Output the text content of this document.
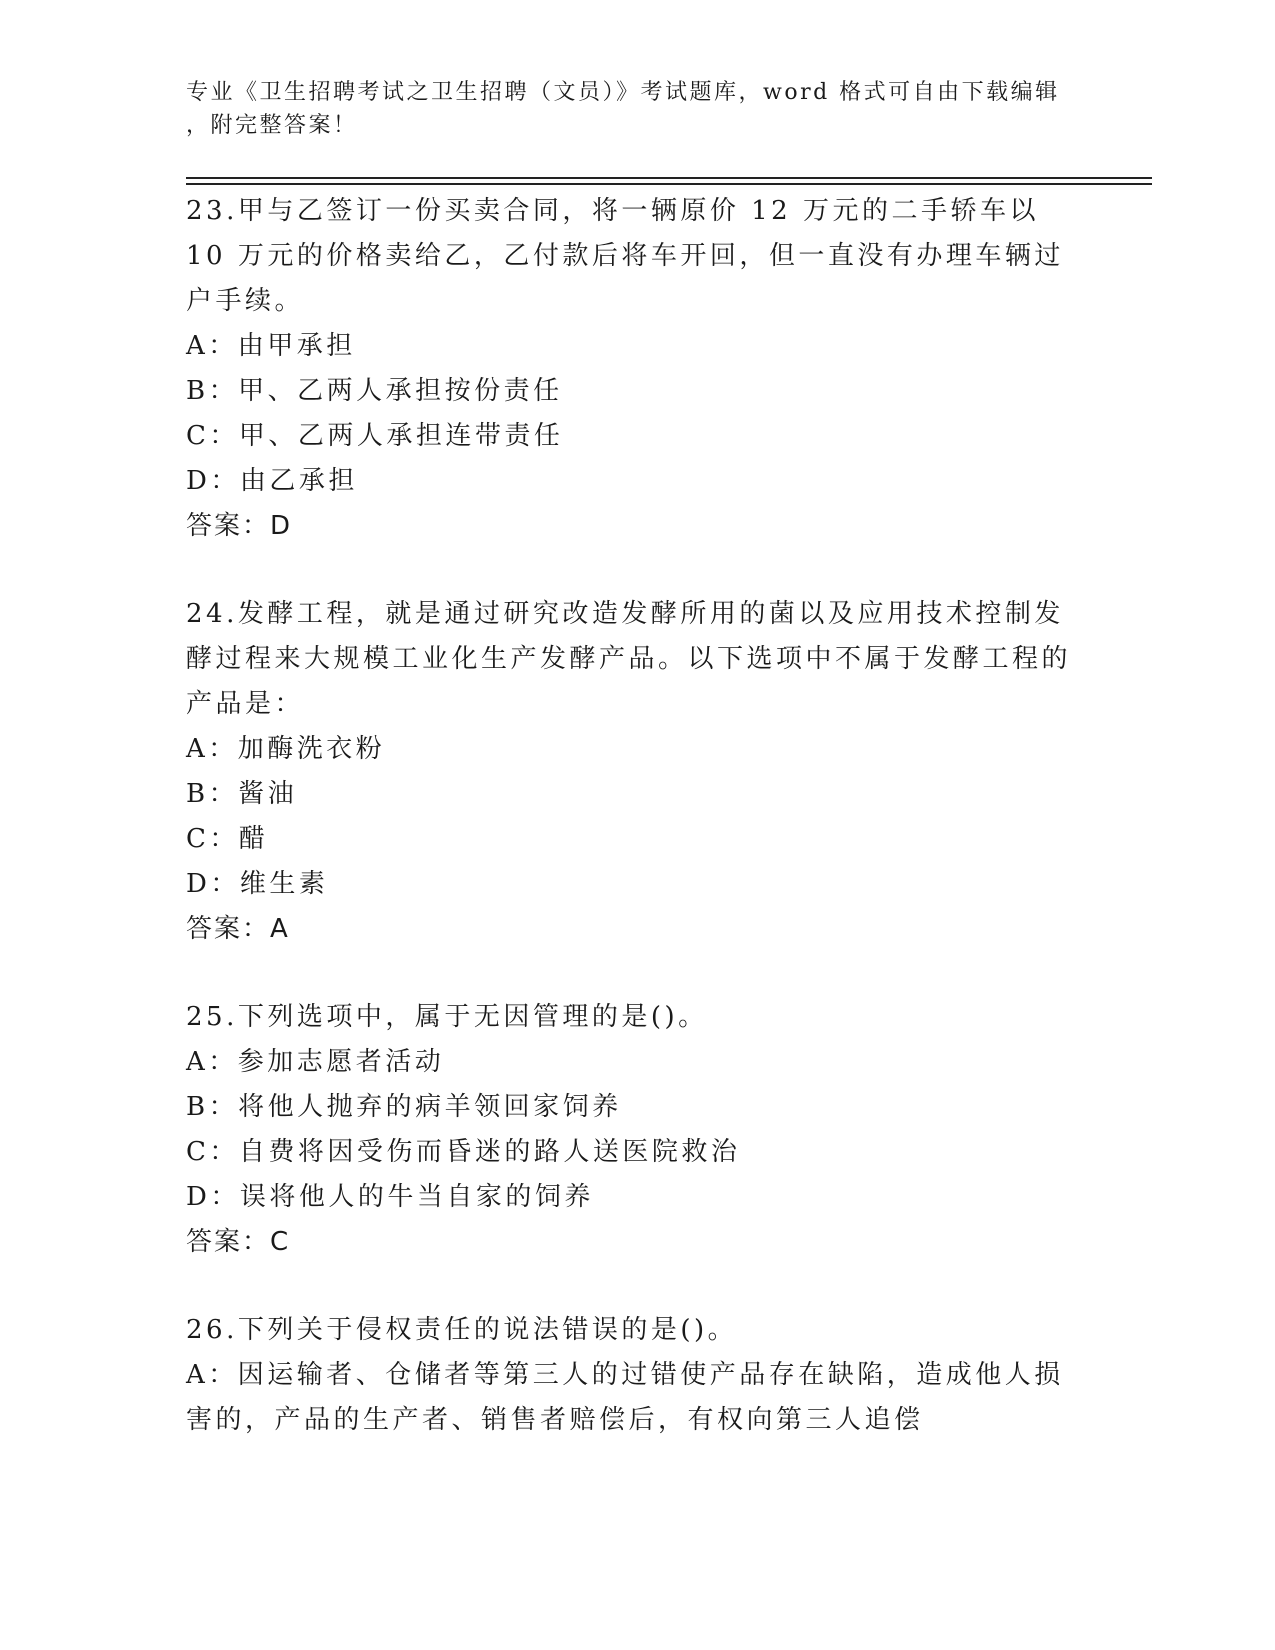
专业《卫生招聘考试之卫生招聘（文员）》考试题库，word 格式可自由下载编辑
，附完整答案！
23.甲与乙签订一份买卖合同，将一辆原价 12 万元的二手轿车以 10 万元的价格卖给乙，乙付款后将车开回，但一直没有办理车辆过户手续。
A：由甲承担
B：甲、乙两人承担按份责任
C：甲、乙两人承担连带责任
D：由乙承担
答案：D
24.发酵工程，就是通过研究改造发酵所用的菌以及应用技术控制发酵过程来大规模工业化生产发酵产品。以下选项中不属于发酵工程的产品是：
A：加酶洗衣粉
B：酱油
C：醋
D：维生素
答案：A
25.下列选项中，属于无因管理的是()。
A：参加志愿者活动
B：将他人抛弃的病羊领回家饲养
C：自费将因受伤而昏迷的路人送医院救治
D：误将他人的牛当自家的饲养
答案：C
26.下列关于侵权责任的说法错误的是()。
A：因运输者、仓储者等第三人的过错使产品存在缺陷，造成他人损害的，产品的生产者、销售者赔偿后，有权向第三人追偿
